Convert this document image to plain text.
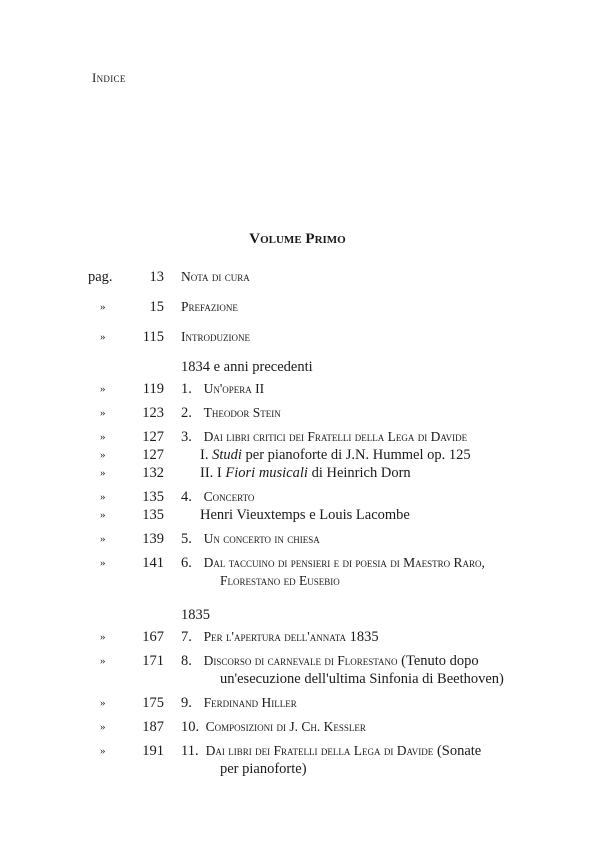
Indice
Volume Primo
pag.	13 Nota di cura
»	15 Prefazione
»	115 Introduzione
1834 e anni precedenti
»	119 1. Un'opera II
»	123 2. Theodor Stein
»	127 3. Dai libri critici dei Fratelli della Lega di Davide
»	127	I. Studi per pianoforte di J.N. Hummel op. 125
»	132	II. I Fiori musicali di Heinrich Dorn
»	135 4. Concerto
»	135	Henri Vieuxtemps e Louis Lacombe
»	139 5. Un concerto in chiesa
»	141 6. Dal taccuino di pensieri e di poesia di Maestro Raro,
Florestano ed Eusebio
1835
»	167 7. Per l'apertura dell'annata 1835
»	171 8. Discorso di carnevale di Florestano (Tenuto dopo
un'esecuzione dell'ultima Sinfonia di Beethoven)
»	175 9. Ferdinand Hiller
»	187 10. Composizioni di J. Ch. Kessler
»	191 11. Dai libri dei Fratelli della Lega di Davide (Sonate
per pianoforte)
